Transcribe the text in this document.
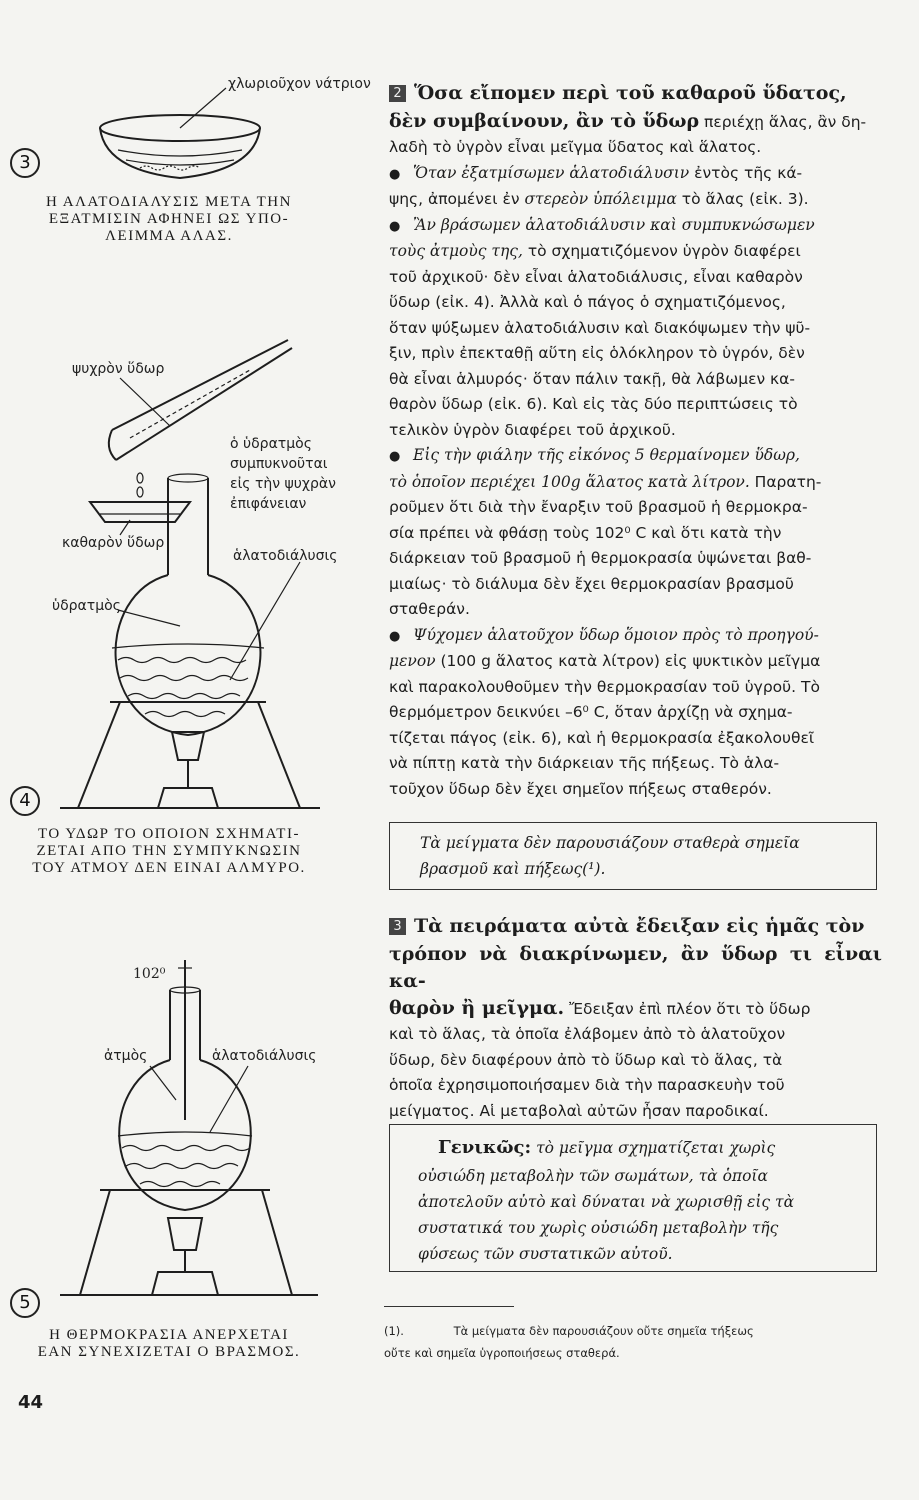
χλωριοῦχον νάτριον
3
Η ΑΛΑΤΟΔΙΑΛΥΣΙΣ ΜΕΤΑ ΤΗΝ
ΕΞΑΤΜΙΣΙΝ ΑΦΗΝΕΙ ΩΣ ΥΠΟ-
ΛΕΙΜΜΑ ΑΛΑΣ.
ψυχρὸν ὕδωρ
ὁ ὑδρατμὸς
συμπυκνοῦται
εἰς τὴν ψυχρὰν
ἐπιφάνειαν
καθαρὸν ὕδωρ
ἁλατοδιάλυσις
ὑδρατμὸς
4
ΤΟ ΥΔΩΡ ΤΟ ΟΠΟΙΟΝ ΣΧΗΜΑΤΙ-
ΖΕΤΑΙ ΑΠΟ ΤΗΝ ΣΥΜΠΥΚΝΩΣΙΝ
ΤΟΥ ΑΤΜΟΥ ΔΕΝ ΕΙΝΑΙ ΑΛΜΥΡΟ.
102⁰
ἀτμὸς	ἁλατοδιάλυσις
5
Η ΘΕΡΜΟΚΡΑΣΙΑ ΑΝΕΡΧΕΤΑΙ
ΕΑΝ ΣΥΝΕΧΙΖΕΤΑΙ Ο ΒΡΑΣΜΟΣ.
44

2 Ὅσα εἴπομεν περὶ τοῦ καθαροῦ ὕδατος,

δὲν συμβαίνουν, ἂν τὸ ὕδωρ περιέχῃ ἅλας, ἂν δη-

λαδὴ τὸ ὑγρὸν εἶναι μεῖγμα ὕδατος καὶ ἅλατος.

● Ὅταν ἐξατμίσωμεν ἁλατοδιάλυσιν ἐντὸς τῆς κά-

ψης, ἀπομένει ἐν στερεὸν ὑπόλειμμα τὸ ἅλας (εἰκ. 3).

● Ἂν βράσωμεν ἁλατοδιάλυσιν καὶ συμπυκνώσωμεν

τοὺς ἀτμοὺς της, τὸ σχηματιζόμενον ὑγρὸν διαφέρει

τοῦ ἀρχικοῦ· δὲν εἶναι ἁλατοδιάλυσις, εἶναι καθαρὸν

ὕδωρ (εἰκ. 4). Ἀλλὰ καὶ ὁ πάγος ὁ σχηματιζόμενος,

ὅταν ψύξωμεν ἁλατοδιάλυσιν καὶ διακόψωμεν τὴν ψῦ-

ξιν, πρὶν ἐπεκταθῇ αὕτη εἰς ὁλόκληρον τὸ ὑγρόν, δὲν

θὰ εἶναι ἁλμυρός· ὅταν πάλιν τακῇ, θὰ λάβωμεν κα-

θαρὸν ὕδωρ (εἰκ. 6). Καὶ εἰς τὰς δύο περιπτώσεις τὸ

τελικὸν ὑγρὸν διαφέρει τοῦ ἀρχικοῦ.

● Εἰς τὴν φιάλην τῆς εἰκόνος 5 θερμαίνομεν ὕδωρ,

τὸ ὁποῖον περιέχει 100g ἅλατος κατὰ λίτρον. Παρατη-

ροῦμεν ὅτι διὰ τὴν ἔναρξιν τοῦ βρασμοῦ ἡ θερμοκρα-

σία πρέπει νὰ φθάσῃ τοὺς 102⁰ C καὶ ὅτι κατὰ τὴν

διάρκειαν τοῦ βρασμοῦ ἡ θερμοκρασία ὑψώνεται βαθ-

μιαίως· τὸ διάλυμα δὲν ἔχει θερμοκρασίαν βρασμοῦ

σταθεράν.

● Ψύχομεν ἁλατοῦχον ὕδωρ ὅμοιον πρὸς τὸ προηγού-

μενον (100 g ἅλατος κατὰ λίτρον) εἰς ψυκτικὸν μεῖγμα

καὶ παρακολουθοῦμεν τὴν θερμοκρασίαν τοῦ ὑγροῦ. Τὸ

θερμόμετρον δεικνύει –6⁰ C, ὅταν ἀρχίζῃ νὰ σχημα-

τίζεται πάγος (εἰκ. 6), καὶ ἡ θερμοκρασία ἐξακολουθεῖ

νὰ πίπτῃ κατὰ τὴν διάρκειαν τῆς πήξεως. Τὸ ἁλα-

τοῦχον ὕδωρ δὲν ἔχει σημεῖον πήξεως σταθερόν.

Τὰ μείγματα δὲν παρουσιάζουν σταθερὰ σημεῖα
βρασμοῦ καὶ πήξεως(¹).

3 Τὰ πειράματα αὐτὰ ἔδειξαν εἰς ἡμᾶς τὸν

τρόπον νὰ διακρίνωμεν, ἂν ὕδωρ τι εἶναι κα-

θαρὸν ἢ μεῖγμα. Ἔδειξαν ἐπὶ πλέον ὅτι τὸ ὕδωρ

καὶ τὸ ἅλας, τὰ ὁποῖα ἐλάβομεν ἀπὸ τὸ ἁλατοῦχον

ὕδωρ, δὲν διαφέρουν ἀπὸ τὸ ὕδωρ καὶ τὸ ἅλας, τὰ

ὁποῖα ἐχρησιμοποιήσαμεν διὰ τὴν παρασκευὴν τοῦ

μείγματος. Αἱ μεταβολαὶ αὐτῶν ἦσαν παροδικαί.

Γενικῶς: τὸ μεῖγμα σχηματίζεται χωρὶς
οὐσιώδη μεταβολὴν τῶν σωμάτων, τὰ ὁποῖα
ἀποτελοῦν αὐτὸ καὶ δύναται νὰ χωρισθῇ εἰς τὰ
συστατικά του χωρὶς οὐσιώδη μεταβολὴν τῆς
φύσεως τῶν συστατικῶν αὐτοῦ.
(1).	Τὰ μείγματα δὲν παρουσιάζουν οὔτε σημεῖα τήξεως
οὔτε καὶ σημεῖα ὑγροποιήσεως σταθερά.
